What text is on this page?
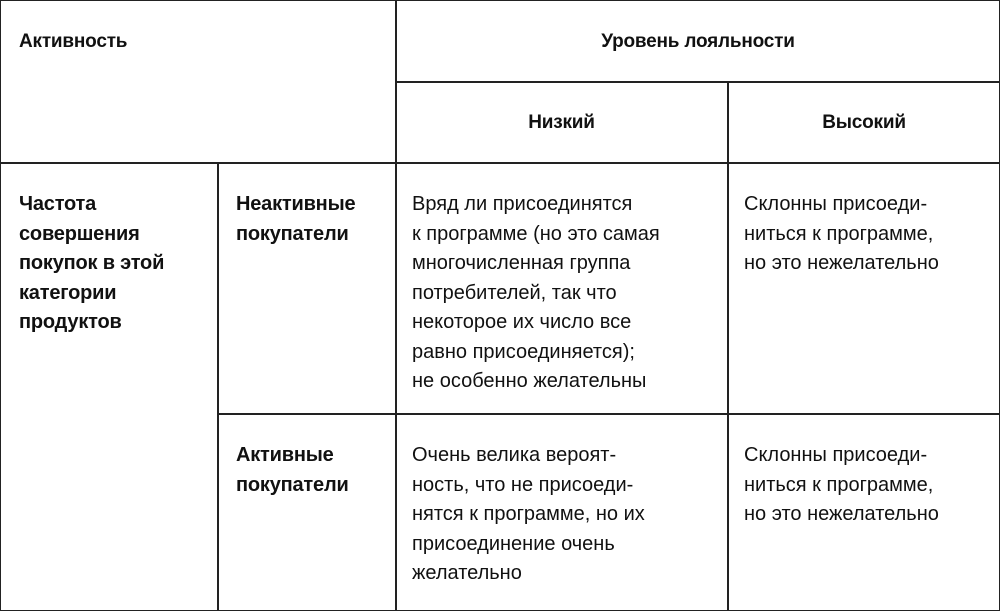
Активность	Уровень лояльности
Низкий	Высокий
Частота
совершения
покупок в этой
категории
продуктов
Неактивные
покупатели
Вряд ли присоединятся
к программе (но это самая
многочисленная группа
потребителей, так что
некоторое их число все
равно присоединяется);
не особенно желательны
Склонны присоеди-
ниться к программе,
но это нежелательно
Активные
покупатели
Очень велика вероят-
ность, что не присоеди-
нятся к программе, но их
присоединение очень
желательно
Склонны присоеди-
ниться к программе,
но это нежелательно
